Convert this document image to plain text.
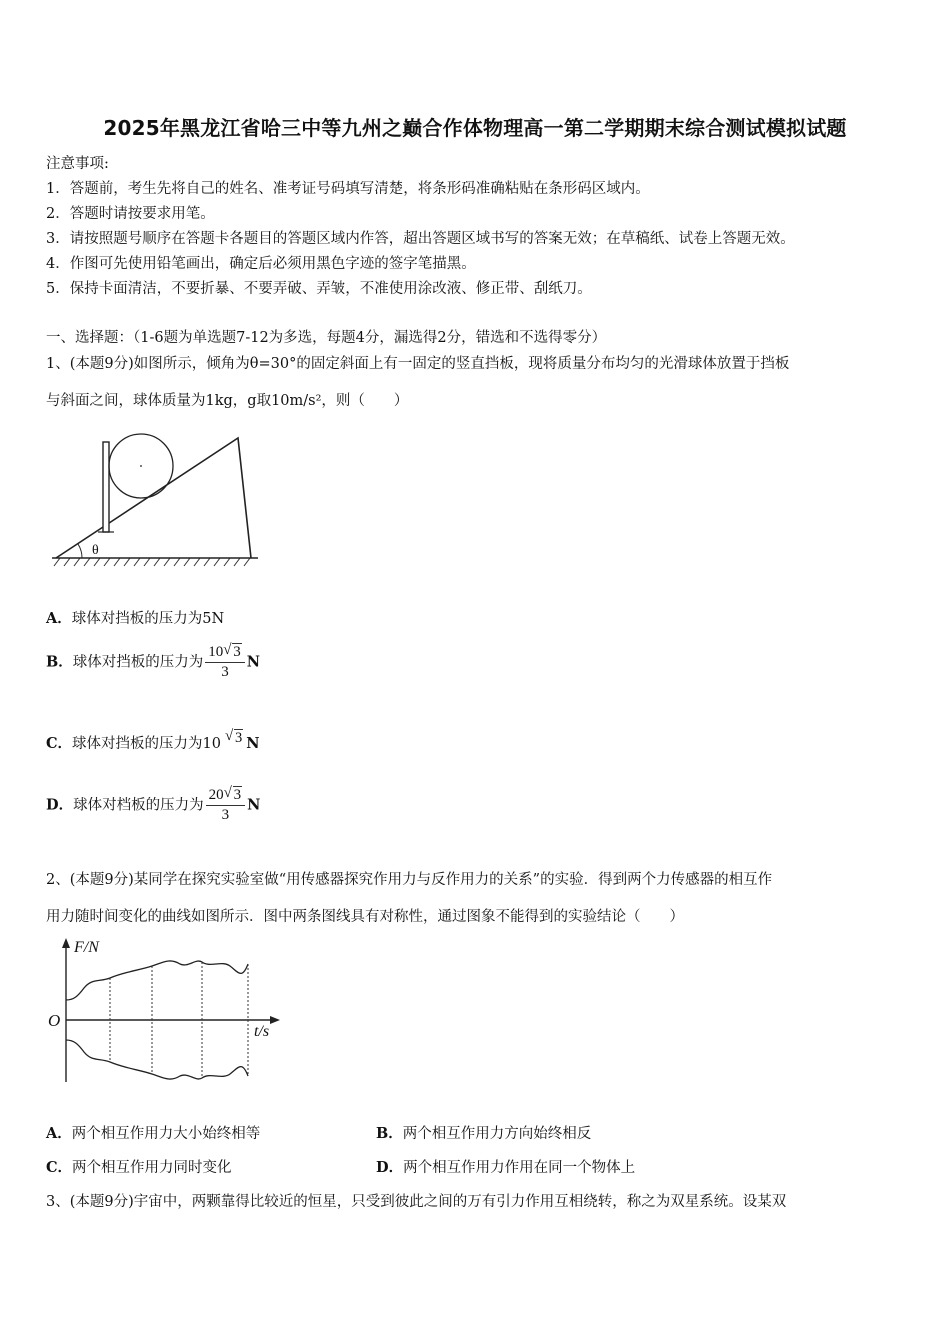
2025年黑龙江省哈三中等九州之巅合作体物理高一第二学期期末综合测试模拟试题
注意事项:
1．答题前，考生先将自己的姓名、准考证号码填写清楚，将条形码准确粘贴在条形码区域内。
2．答题时请按要求用笔。
3．请按照题号顺序在答题卡各题目的答题区域内作答，超出答题区域书写的答案无效；在草稿纸、试卷上答题无效。
4．作图可先使用铅笔画出，确定后必须用黑色字迹的签字笔描黑。
5．保持卡面清洁，不要折暴、不要弄破、弄皱，不准使用涂改液、修正带、刮纸刀。
一、选择题：（1-6题为单选题7-12为多选，每题4分，漏选得2分，错选和不选得零分）
1、(本题9分)如图所示，倾角为θ=30°的固定斜面上有一固定的竖直挡板，现将质量分布均匀的光滑球体放置于挡板
与斜面之间，球体质量为1kg，g取10m/s²，则（　　）
θ
A．球体对挡板的压力为5N
B．球体对挡板的压力为 $\frac{10 √ 3}{3}$ N
C．球体对挡板的压力为10 √ 3 N
D．球体对档板的压力为 $\frac{20 √ 3}{3}$ N
2、(本题9分)某同学在探究实验室做“用传感器探究作用力与反作用力的关系”的实验．得到两个力传感器的相互作
用力随时间变化的曲线如图所示．图中两条图线具有对称性，通过图象不能得到的实验结论（　　）
F/N
t/s
O
A．两个相互作用力大小始终相等	B．两个相互作用力方向始终相反
C．两个相互作用力同时变化	D．两个相互作用力作用在同一个物体上
3、(本题9分)宇宙中，两颗靠得比较近的恒星，只受到彼此之间的万有引力作用互相绕转，称之为双星系统。设某双
